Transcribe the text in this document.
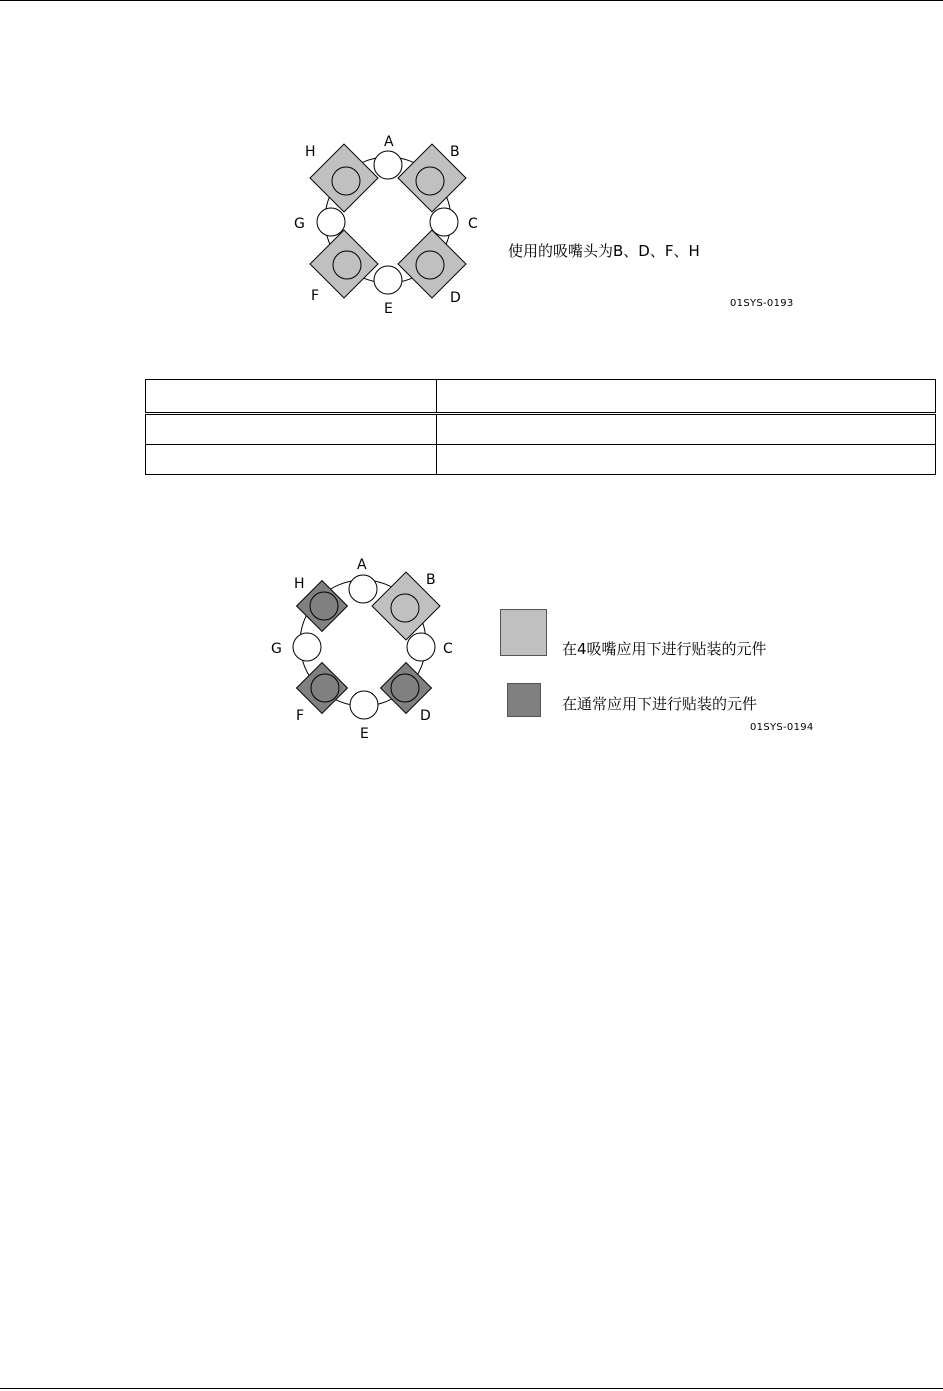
A
B
C
D
E
F
G
H
使用的吸嘴头为B、D、F、H
01SYS-0193

A
B
C
D
E
F
G
H
在4吸嘴应用下进行贴装的元件
在通常应用下进行贴装的元件
01SYS-0194
